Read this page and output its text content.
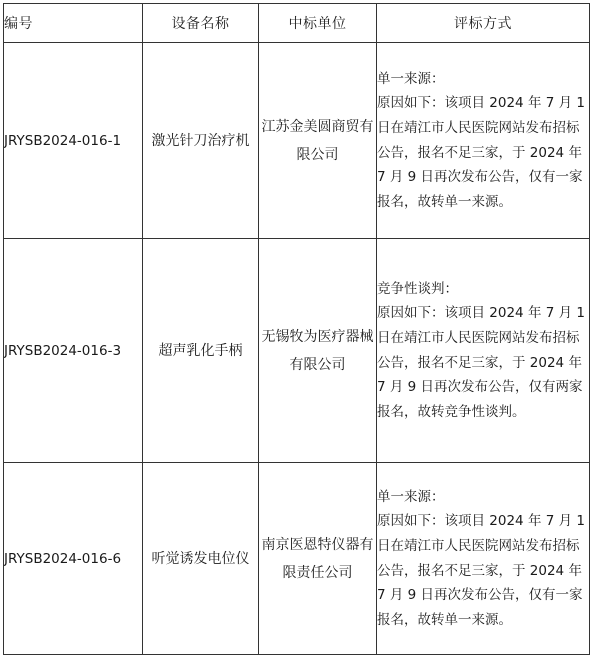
编号	设备名称	中标单位	评标方式
JRYSB2024-016-1	激光针刀治疗机	江苏金美圆商贸有限公司	单一来源：
原因如下：该项目 2024 年 7 月 1 日在靖江市人民医院网站发布招标公告，报名不足三家，于 2024 年 7 月 9 日再次发布公告，仅有一家报名，故转单一来源。

JRYSB2024-016-3	超声乳化手柄	无锡牧为医疗器械有限公司	竞争性谈判：
原因如下：该项目 2024 年 7 月 1 日在靖江市人民医院网站发布招标公告，报名不足三家，于 2024 年 7 月 9 日再次发布公告，仅有两家报名，故转竞争性谈判。

JRYSB2024-016-6	听觉诱发电位仪	南京医恩特仪器有限责任公司	单一来源：
原因如下：该项目 2024 年 7 月 1 日在靖江市人民医院网站发布招标公告，报名不足三家，于 2024 年 7 月 9 日再次发布公告，仅有一家报名，故转单一来源。
